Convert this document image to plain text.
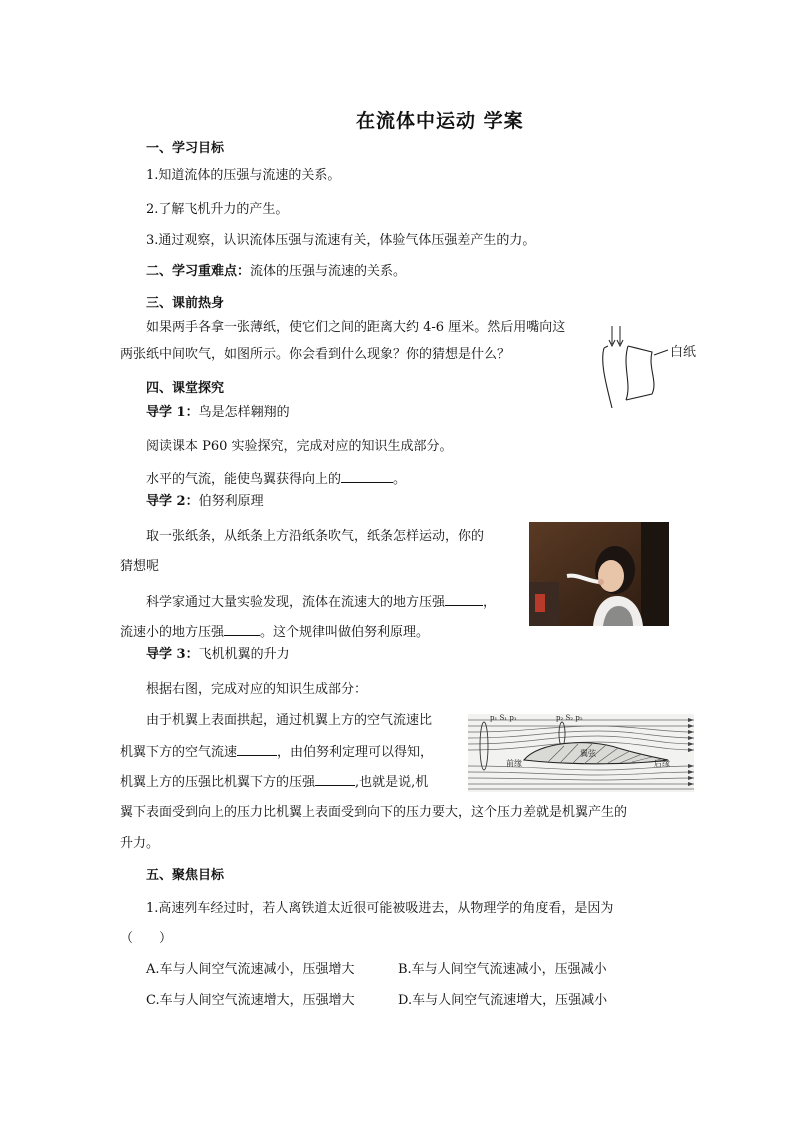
在流体中运动 学案
一、学习目标
1.知道流体的压强与流速的关系。
2.了解飞机升力的产生。
3.通过观察，认识流体压强与流速有关，体验气体压强差产生的力。
二、学习重难点：流体的压强与流速的关系。
三、课前热身
如果两手各拿一张薄纸，使它们之间的距离大约 4-6 厘米。然后用嘴向这
两张纸中间吹气，如图所示。你会看到什么现象？你的猜想是什么？	白纸
四、课堂探究
导学 1：鸟是怎样翱翔的
阅读课本 P60 实验探究，完成对应的知识生成部分。
水平的气流，能使鸟翼获得向上的	。
导学 2：伯努利原理
取一张纸条，从纸条上方沿纸条吹气，纸条怎样运动，你的
猜想呢
科学家通过大量实验发现，流体在流速大的地方压强	，
流速小的地方压强	。这个规律叫做伯努利原理。
导学 3：飞机机翼的升力
根据右图，完成对应的知识生成部分：
由于机翼上表面拱起，通过机翼上方的空气流速比
机翼下方的空气流速	，由伯努利定理可以得知，
机翼上方的压强比机翼下方的压强	,也就是说,机
翼下表面受到向上的压力比机翼上表面受到向下的压力要大，这个压力差就是机翼产生的
升力。
p₁ S₁ p₁	p₂ S₂ p₂
前缘
翼弦
后缘
五、聚焦目标
1.高速列车经过时，若人离铁道太近很可能被吸进去，从物理学的角度看，是因为
（　　）
A.车与人间空气流速减小，压强增大	B.车与人间空气流速减小，压强减小
C.车与人间空气流速增大，压强增大	D.车与人间空气流速增大，压强减小
